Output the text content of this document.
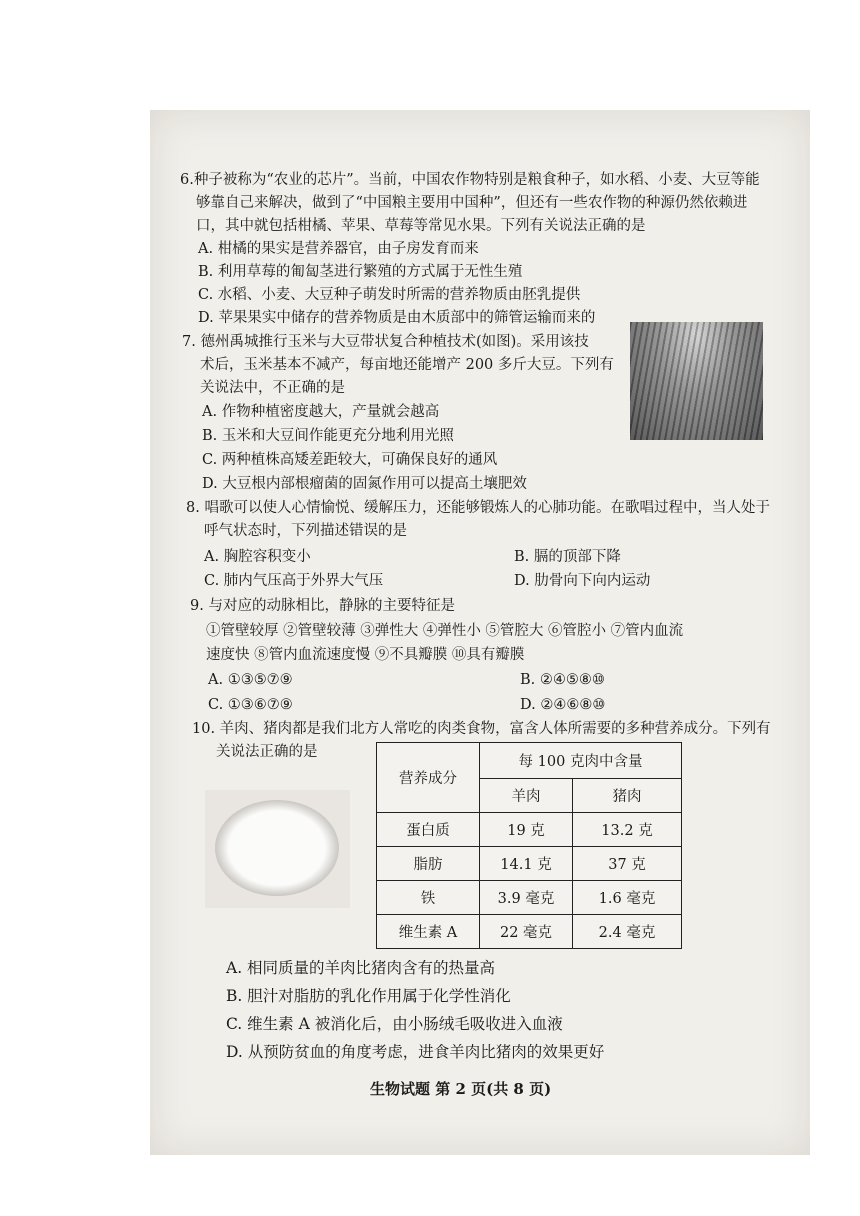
6.种子被称为“农业的芯片”。当前，中国农作物特别是粮食种子，如水稻、小麦、大豆等能
够靠自己来解决，做到了“中国粮主要用中国种”，但还有一些农作物的种源仍然依赖进
口，其中就包括柑橘、苹果、草莓等常见水果。下列有关说法正确的是
A. 柑橘的果实是营养器官，由子房发育而来
B. 利用草莓的匍匐茎进行繁殖的方式属于无性生殖
C. 水稻、小麦、大豆种子萌发时所需的营养物质由胚乳提供
D. 苹果果实中储存的营养物质是由木质部中的筛管运输而来的
7. 德州禹城推行玉米与大豆带状复合种植技术(如图)。采用该技
术后，玉米基本不减产，每亩地还能增产 200 多斤大豆。下列有
关说法中，不正确的是
A. 作物种植密度越大，产量就会越高
B. 玉米和大豆间作能更充分地利用光照
C. 两种植株高矮差距较大，可确保良好的通风
D. 大豆根内部根瘤菌的固氮作用可以提高土壤肥效
8. 唱歌可以使人心情愉悦、缓解压力，还能够锻炼人的心肺功能。在歌唱过程中，当人处于
呼气状态时，下列描述错误的是
A. 胸腔容积变小	B. 膈的顶部下降
C. 肺内气压高于外界大气压	D. 肋骨向下向内运动
9. 与对应的动脉相比，静脉的主要特征是
①管壁较厚 ②管壁较薄 ③弹性大 ④弹性小 ⑤管腔大 ⑥管腔小 ⑦管内血流
速度快 ⑧管内血流速度慢 ⑨不具瓣膜 ⑩具有瓣膜
A. ①③⑤⑦⑨	B. ②④⑤⑧⑩
C. ①③⑥⑦⑨	D. ②④⑥⑧⑩
10. 羊肉、猪肉都是我们北方人常吃的肉类食物，富含人体所需要的多种营养成分。下列有
关说法正确的是
营养成分	每 100 克肉中含量	
	羊肉	猪肉
蛋白质	19 克	13.2 克
脂肪	14.1 克	37 克
铁	3.9 毫克	1.6 毫克
维生素 A	22 毫克	2.4 毫克
A. 相同质量的羊肉比猪肉含有的热量高
B. 胆汁对脂肪的乳化作用属于化学性消化
C. 维生素 A 被消化后，由小肠绒毛吸收进入血液
D. 从预防贫血的角度考虑，进食羊肉比猪肉的效果更好
生物试题 第 2 页(共 8 页)
